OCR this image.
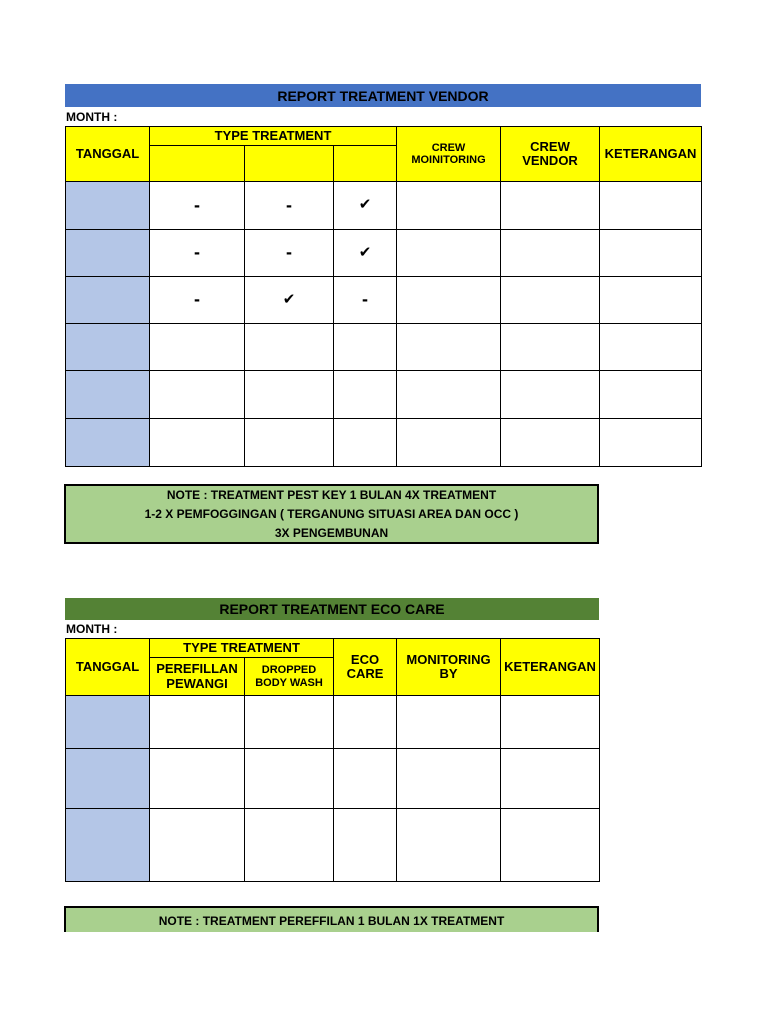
REPORT TREATMENT VENDOR
MONTH :
TANGGAL	TYPE TREATMENT			CREW MOINITORING	CREW VENDOR	KETERANGAN

	-	-	✔			
	-	-	✔			
	-	✔	-			

NOTE : TREATMENT PEST KEY 1 BULAN 4X TREATMENT
1-2 X PEMFOGGINGAN ( TERGANUNG SITUASI AREA DAN OCC )
3X PENGEMBUNAN
REPORT TREATMENT ECO CARE
MONTH :
TANGGAL	TYPE TREATMENT		ECO CARE	MONITORING BY	KETERANGAN
	PEREFILLAN PEWANGI	DROPPED BODY WASH			

NOTE : TREATMENT PEREFFILAN 1 BULAN 1X TREATMENT
